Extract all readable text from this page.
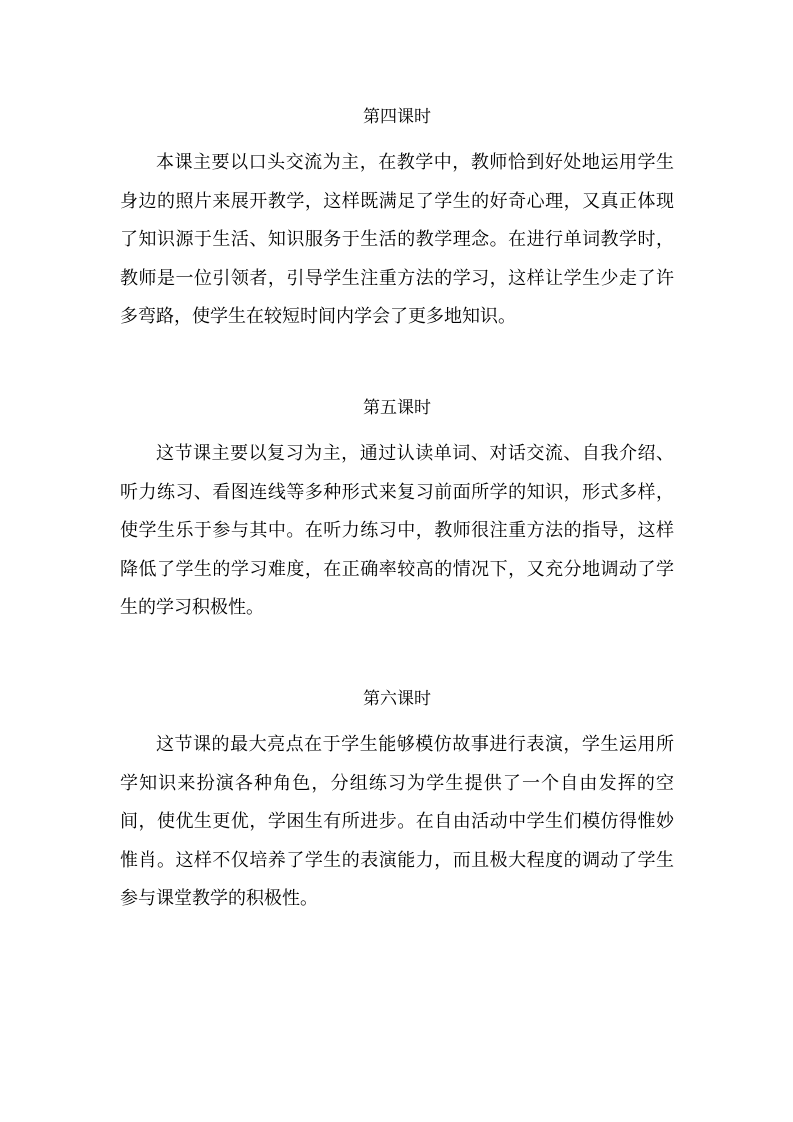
第四课时

本课主要以口头交流为主，在教学中，教师恰到好处地运用学生身边的照片来展开教学，这样既满足了学生的好奇心理，又真正体现了知识源于生活、知识服务于生活的教学理念。在进行单词教学时，教师是一位引领者，引导学生注重方法的学习，这样让学生少走了许多弯路，使学生在较短时间内学会了更多地知识。

第五课时

这节课主要以复习为主，通过认读单词、对话交流、自我介绍、听力练习、看图连线等多种形式来复习前面所学的知识，形式多样，使学生乐于参与其中。在听力练习中，教师很注重方法的指导，这样降低了学生的学习难度，在正确率较高的情况下，又充分地调动了学生的学习积极性。

第六课时

这节课的最大亮点在于学生能够模仿故事进行表演，学生运用所学知识来扮演各种角色，分组练习为学生提供了一个自由发挥的空间，使优生更优，学困生有所进步。在自由活动中学生们模仿得惟妙惟肖。这样不仅培养了学生的表演能力，而且极大程度的调动了学生参与课堂教学的积极性。
